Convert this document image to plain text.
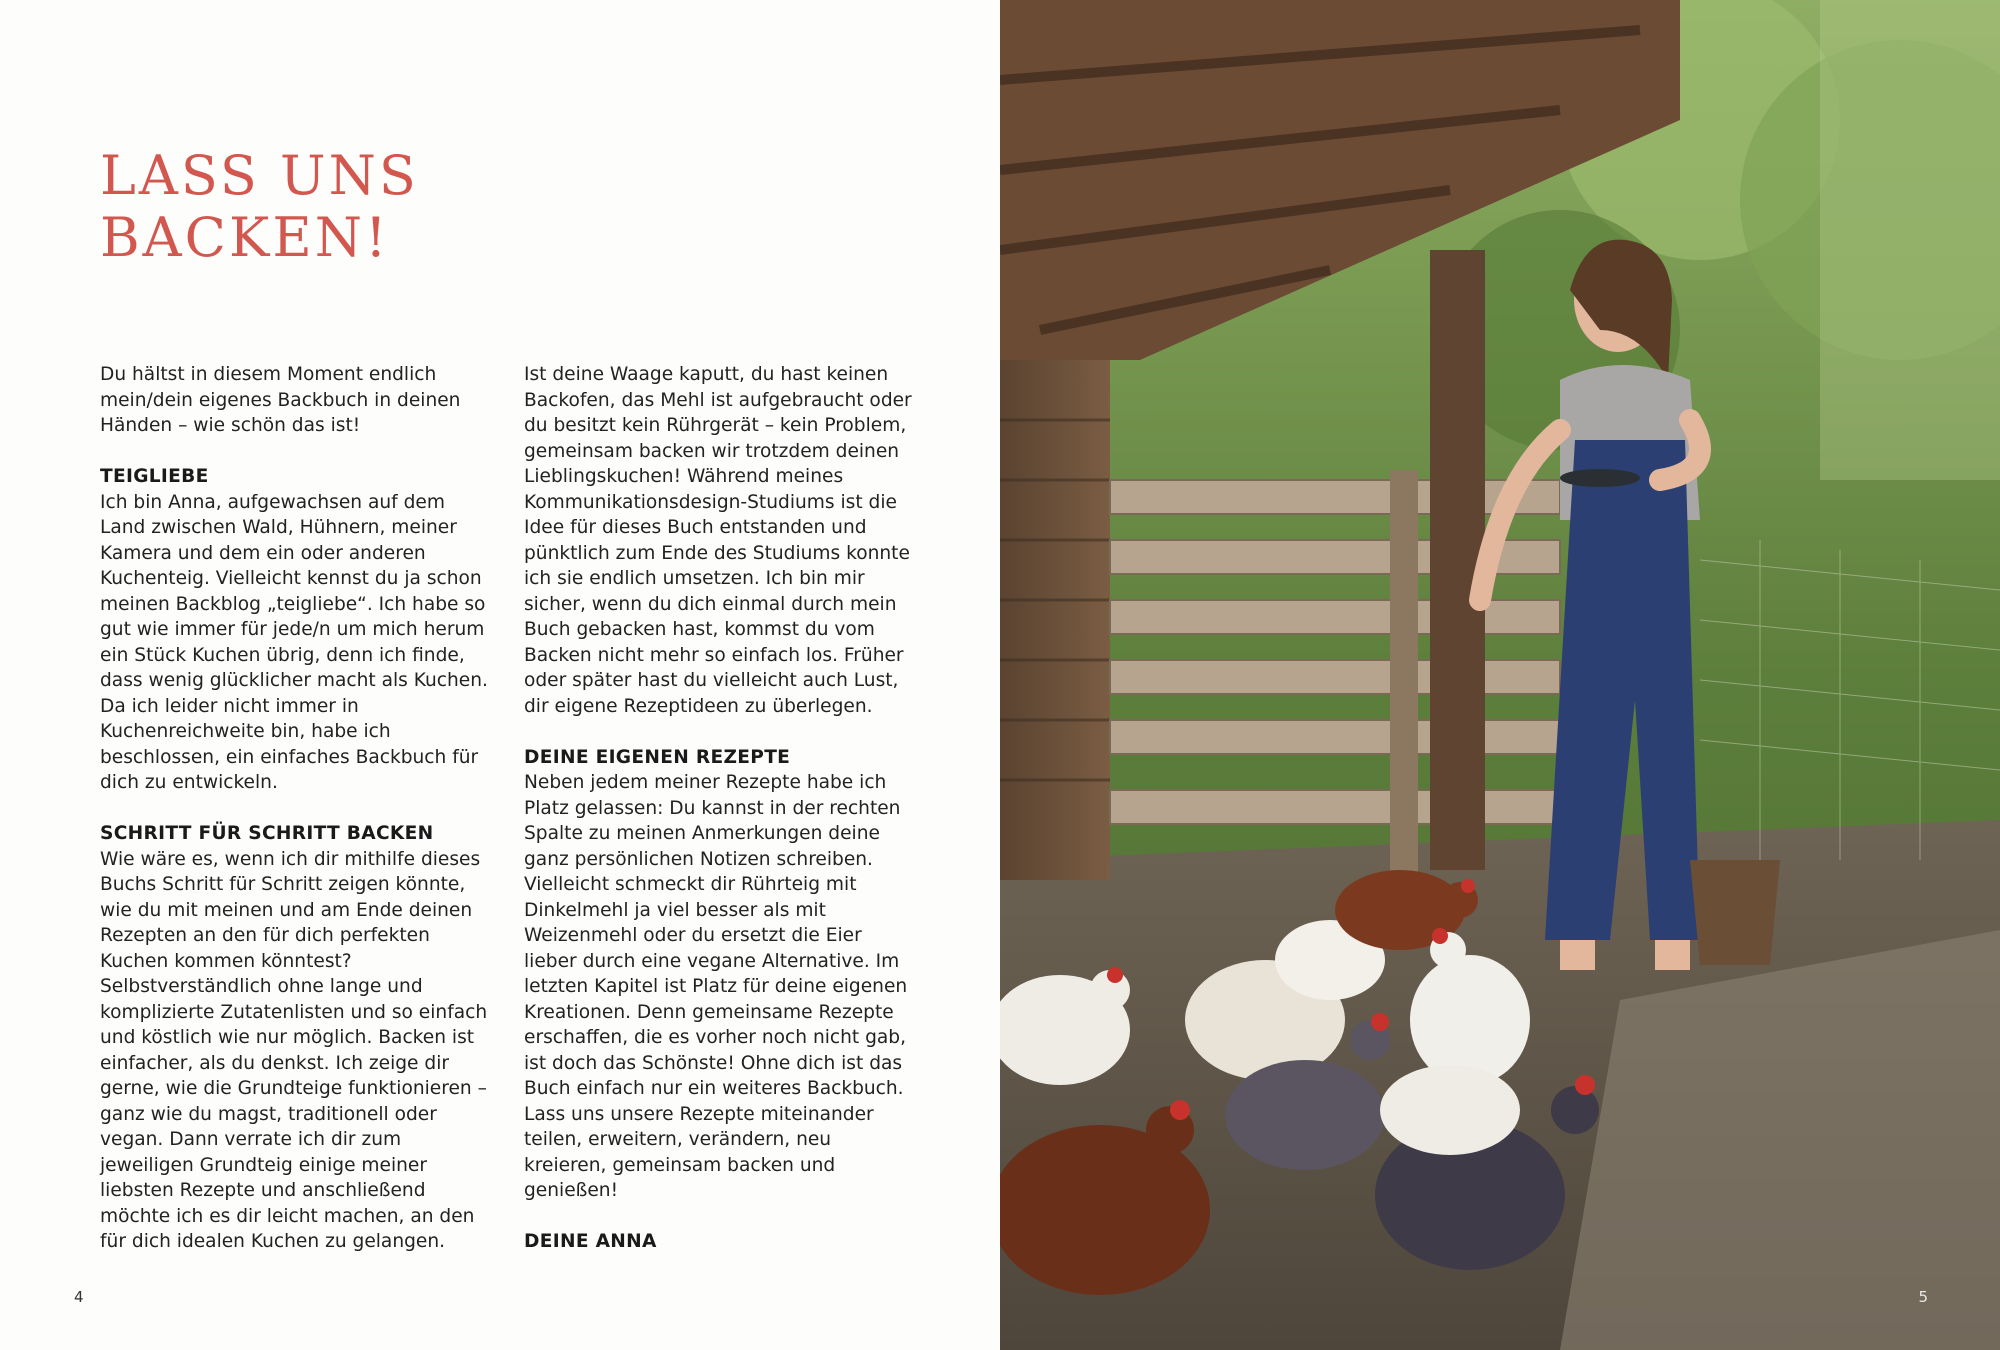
LASS UNS
BACKEN!

Du hältst in diesem Moment endlich mein/dein eigenes Backbuch in deinen Händen – wie schön das ist!

TEIGLIEBE

Ich bin Anna, aufgewachsen auf dem Land zwischen Wald, Hühnern, meiner Kamera und dem ein oder anderen Kuchenteig. Vielleicht kennst du ja schon meinen Backblog „teigliebe“. Ich habe so gut wie immer für jede/n um mich herum ein Stück Kuchen übrig, denn ich finde, dass wenig glücklicher macht als Kuchen. Da ich leider nicht immer in Kuchenreichweite bin, habe ich beschlossen, ein einfaches Backbuch für dich zu entwickeln.

SCHRITT FÜR SCHRITT BACKEN

Wie wäre es, wenn ich dir mithilfe dieses Buchs Schritt für Schritt zeigen könnte, wie du mit meinen und am Ende deinen Rezepten an den für dich perfekten Kuchen kommen könntest? Selbstverständlich ohne lange und komplizierte Zutatenlisten und so einfach und köstlich wie nur möglich. Backen ist einfacher, als du denkst. Ich zeige dir gerne, wie die Grundteige funktionieren – ganz wie du magst, traditionell oder vegan. Dann verrate ich dir zum jeweiligen Grundteig einige meiner liebsten Rezepte und anschließend möchte ich es dir leicht machen, an den für dich idealen Kuchen zu gelangen.

Ist deine Waage kaputt, du hast keinen Backofen, das Mehl ist aufgebraucht oder du besitzt kein Rührgerät – kein Problem, gemeinsam backen wir trotzdem deinen Lieblingskuchen! Während meines Kommunikationsdesign-Studiums ist die Idee für dieses Buch entstanden und pünktlich zum Ende des Studiums konnte ich sie endlich umsetzen. Ich bin mir sicher, wenn du dich einmal durch mein Buch gebacken hast, kommst du vom Backen nicht mehr so einfach los. Früher oder später hast du vielleicht auch Lust, dir eigene Rezeptideen zu überlegen.

DEINE EIGENEN REZEPTE

Neben jedem meiner Rezepte habe ich Platz gelassen: Du kannst in der rechten Spalte zu meinen Anmerkungen deine ganz persönlichen Notizen schreiben. Vielleicht schmeckt dir Rührteig mit Dinkelmehl ja viel besser als mit Weizenmehl oder du ersetzt die Eier lieber durch eine vegane Alternative. Im letzten Kapitel ist Platz für deine eigenen Kreationen. Denn gemeinsame Rezepte erschaffen, die es vorher noch nicht gab, ist doch das Schönste! Ohne dich ist das Buch einfach nur ein weiteres Backbuch. Lass uns unsere Rezepte miteinander teilen, erweitern, verändern, neu kreieren, gemeinsam backen und genießen!

DEINE ANNA
4	5
